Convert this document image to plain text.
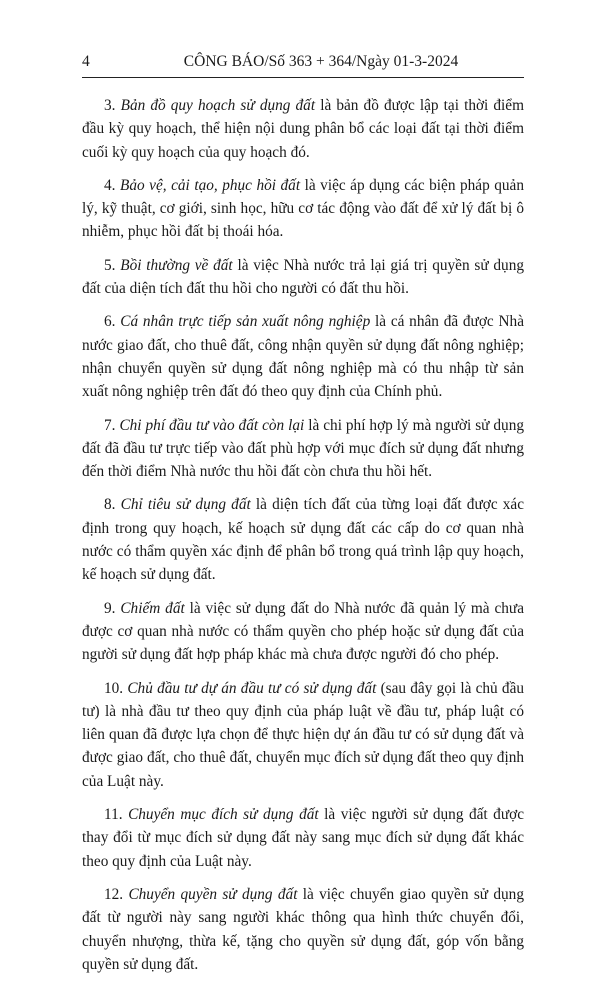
4	CÔNG BÁO/Số 363 + 364/Ngày 01-3-2024

3. Bản đồ quy hoạch sử dụng đất là bản đồ được lập tại thời điểm đầu kỳ quy hoạch, thể hiện nội dung phân bổ các loại đất tại thời điểm cuối kỳ quy hoạch của quy hoạch đó.

4. Bảo vệ, cải tạo, phục hồi đất là việc áp dụng các biện pháp quản lý, kỹ thuật, cơ giới, sinh học, hữu cơ tác động vào đất để xử lý đất bị ô nhiễm, phục hồi đất bị thoái hóa.

5. Bồi thường về đất là việc Nhà nước trả lại giá trị quyền sử dụng đất của diện tích đất thu hồi cho người có đất thu hồi.

6. Cá nhân trực tiếp sản xuất nông nghiệp là cá nhân đã được Nhà nước giao đất, cho thuê đất, công nhận quyền sử dụng đất nông nghiệp; nhận chuyển quyền sử dụng đất nông nghiệp mà có thu nhập từ sản xuất nông nghiệp trên đất đó theo quy định của Chính phủ.

7. Chi phí đầu tư vào đất còn lại là chi phí hợp lý mà người sử dụng đất đã đầu tư trực tiếp vào đất phù hợp với mục đích sử dụng đất nhưng đến thời điểm Nhà nước thu hồi đất còn chưa thu hồi hết.

8. Chỉ tiêu sử dụng đất là diện tích đất của từng loại đất được xác định trong quy hoạch, kế hoạch sử dụng đất các cấp do cơ quan nhà nước có thẩm quyền xác định để phân bổ trong quá trình lập quy hoạch, kế hoạch sử dụng đất.

9. Chiếm đất là việc sử dụng đất do Nhà nước đã quản lý mà chưa được cơ quan nhà nước có thẩm quyền cho phép hoặc sử dụng đất của người sử dụng đất hợp pháp khác mà chưa được người đó cho phép.

10. Chủ đầu tư dự án đầu tư có sử dụng đất (sau đây gọi là chủ đầu tư) là nhà đầu tư theo quy định của pháp luật về đầu tư, pháp luật có liên quan đã được lựa chọn để thực hiện dự án đầu tư có sử dụng đất và được giao đất, cho thuê đất, chuyển mục đích sử dụng đất theo quy định của Luật này.

11. Chuyển mục đích sử dụng đất là việc người sử dụng đất được thay đổi từ mục đích sử dụng đất này sang mục đích sử dụng đất khác theo quy định của Luật này.

12. Chuyển quyền sử dụng đất là việc chuyển giao quyền sử dụng đất từ người này sang người khác thông qua hình thức chuyển đổi, chuyển nhượng, thừa kế, tặng cho quyền sử dụng đất, góp vốn bằng quyền sử dụng đất.
